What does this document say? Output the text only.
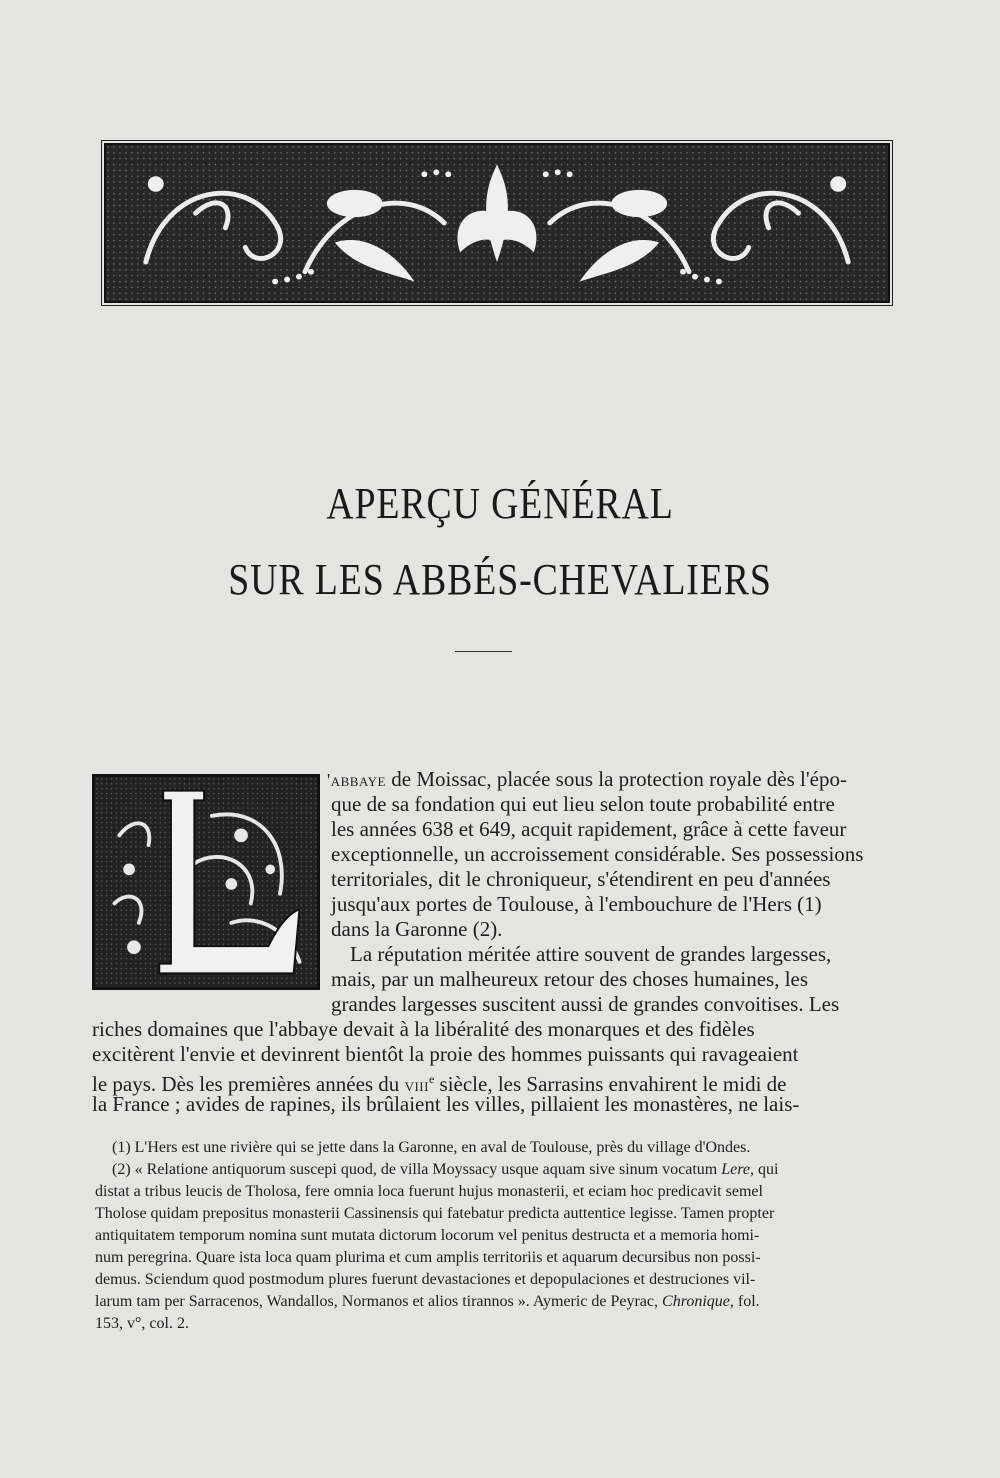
APERÇU GÉNÉRAL
SUR LES ABBÉS-CHEVALIERS
'abbaye de Moissac, placée sous la protection royale dès l'épo-
que de sa fondation qui eut lieu selon toute probabilité entre
les années 638 et 649, acquit rapidement, grâce à cette faveur
exceptionnelle, un accroissement considérable. Ses possessions
territoriales, dit le chroniqueur, s'étendirent en peu d'années
jusqu'aux portes de Toulouse, à l'embouchure de l'Hers (1)
dans la Garonne (2).
La réputation méritée attire souvent de grandes largesses,
mais, par un malheureux retour des choses humaines, les
grandes largesses suscitent aussi de grandes convoitises. Les
riches domaines que l'abbaye devait à la libéralité des monarques et des fidèles
excitèrent l'envie et devinrent bientôt la proie des hommes puissants qui ravageaient
le pays. Dès les premières années du viii$^e$ siècle, les Sarrasins envahirent le midi de
la France ; avides de rapines, ils brûlaient les villes, pillaient les monastères, ne lais-
(1) L'Hers est une rivière qui se jette dans la Garonne, en aval de Toulouse, près du village d'Ondes.
(2) « Relatione antiquorum suscepi quod, de villa Moyssacy usque aquam sive sinum vocatum Lere, qui
distat a tribus leucis de Tholosa, fere omnia loca fuerunt hujus monasterii, et eciam hoc predicavit semel
Tholose quidam prepositus monasterii Cassinensis qui fatebatur predicta auttentice legisse. Tamen propter
antiquitatem temporum nomina sunt mutata dictorum locorum vel penitus destructa et a memoria homi-
num peregrina. Quare ista loca quam plurima et cum amplis territoriis et aquarum decursibus non possi-
demus. Sciendum quod postmodum plures fuerunt devastaciones et depopulaciones et destruciones vil-
larum tam per Sarracenos, Wandallos, Normanos et alios tirannos ». Aymeric de Peyrac, Chronique, fol.
153, v°, col. 2.
